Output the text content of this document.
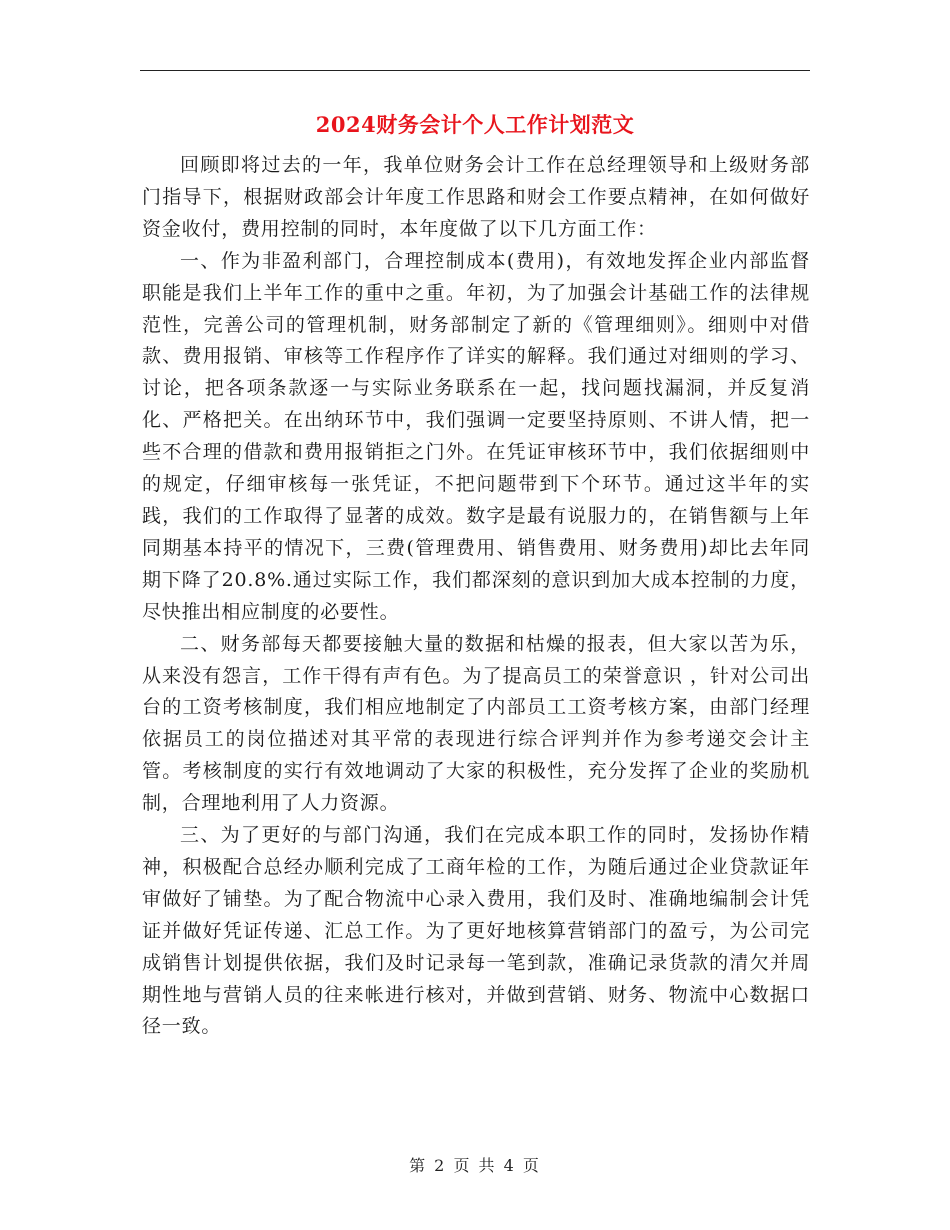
2024财务会计个人工作计划范文

回顾即将过去的一年，我单位财务会计工作在总经理领导和上级财务部门指导下，根据财政部会计年度工作思路和财会工作要点精神，在如何做好资金收付，费用控制的同时，本年度做了以下几方面工作：

一、作为非盈利部门，合理控制成本(费用)，有效地发挥企业内部监督职能是我们上半年工作的重中之重。年初，为了加强会计基础工作的法律规范性，完善公司的管理机制，财务部制定了新的《管理细则》。细则中对借款、费用报销、审核等工作程序作了详实的解释。我们通过对细则的学习、讨论，把各项条款逐一与实际业务联系在一起，找问题找漏洞，并反复消化、严格把关。在出纳环节中，我们强调一定要坚持原则、不讲人情，把一些不合理的借款和费用报销拒之门外。在凭证审核环节中，我们依据细则中的规定，仔细审核每一张凭证，不把问题带到下个环节。通过这半年的实践，我们的工作取得了显著的成效。数字是最有说服力的，在销售额与上年同期基本持平的情况下，三费(管理费用、销售费用、财务费用)却比去年同期下降了20.8%.通过实际工作，我们都深刻的意识到加大成本控制的力度，尽快推出相应制度的必要性。

二、财务部每天都要接触大量的数据和枯燥的报表，但大家以苦为乐，从来没有怨言，工作干得有声有色。为了提高员工的荣誉意识 ，针对公司出台的工资考核制度，我们相应地制定了内部员工工资考核方案，由部门经理依据员工的岗位描述对其平常的表现进行综合评判并作为参考递交会计主管。考核制度的实行有效地调动了大家的积极性，充分发挥了企业的奖励机制，合理地利用了人力资源。

三、为了更好的与部门沟通，我们在完成本职工作的同时，发扬协作精神，积极配合总经办顺利完成了工商年检的工作，为随后通过企业贷款证年审做好了铺垫。为了配合物流中心录入费用，我们及时、准确地编制会计凭证并做好凭证传递、汇总工作。为了更好地核算营销部门的盈亏，为公司完成销售计划提供依据，我们及时记录每一笔到款，准确记录货款的清欠并周期性地与营销人员的往来帐进行核对，并做到营销、财务、物流中心数据口径一致。

第 2 页 共 4 页
